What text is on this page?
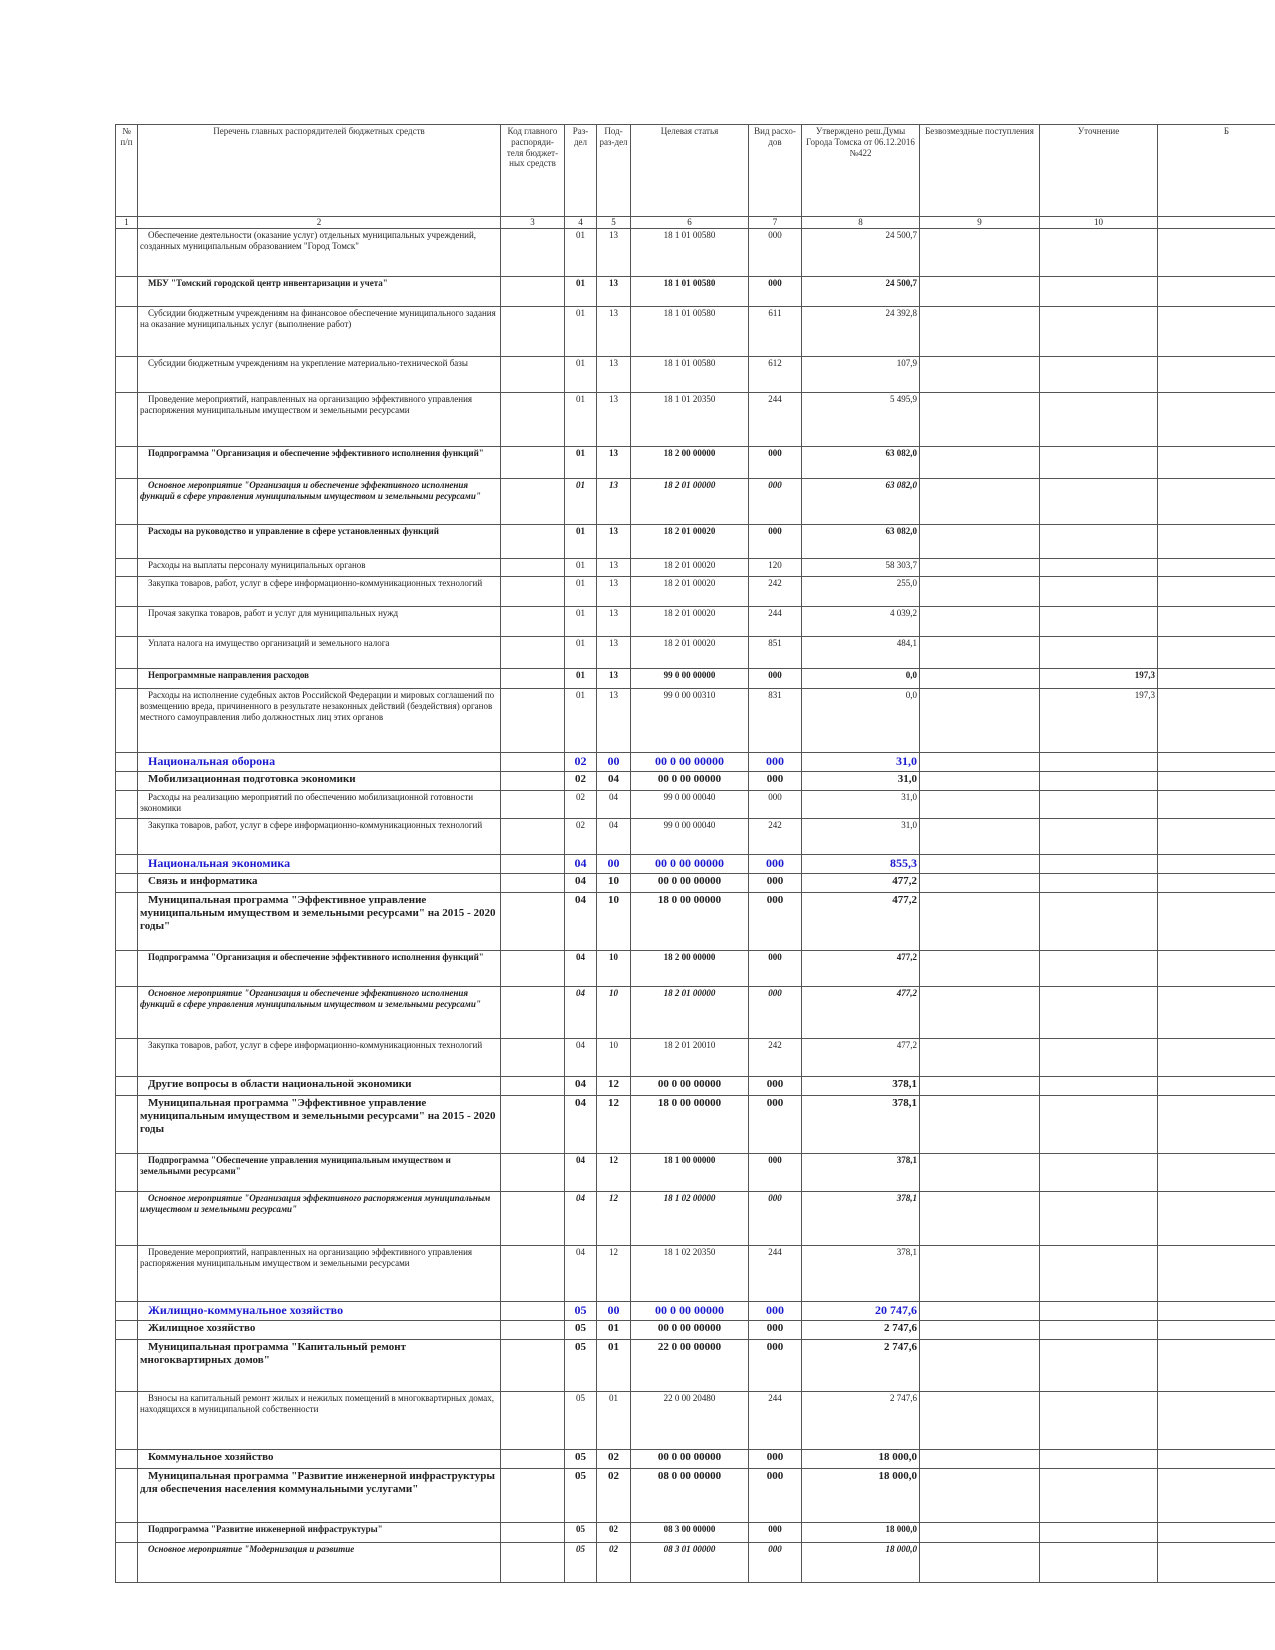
№ п/п	Перечень главных распорядителей бюджетных средств	Код главного распоряди-теля бюджет-ных средств	Раз-дел	Под-раз-дел	Целевая статья	Вид расхо-дов	Утверждено реш.Думы Города Томска от 06.12.2016 №422	Безвозмездные поступления	Уточнение	Б
1	2	3	4	5	6	7	8	9	10	
	Обеспечение деятельности (оказание услуг) отдельных муниципальных учреждений, созданных муниципальным образованием "Город Томск"		01	13	18 1 01 00580	000	24 500,7			
	МБУ "Томский городской центр инвентаризации и учета"		01	13	18 1 01 00580	000	24 500,7			
	Субсидии бюджетным учреждениям на финансовое обеспечение муниципального задания на оказание муниципальных услуг (выполнение работ)		01	13	18 1 01 00580	611	24 392,8			
	Субсидии бюджетным учреждениям на укрепление материально-технической базы		01	13	18 1 01 00580	612	107,9			
	Проведение мероприятий, направленных на организацию эффективного управления распоряжения муниципальным имуществом и земельными ресурсами		01	13	18 1 01 20350	244	5 495,9			
	Подпрограмма "Организация и обеспечение эффективного исполнения функций"		01	13	18 2 00 00000	000	63 082,0			
	Основное мероприятие "Организация и обеспечение эффективного исполнения функций в сфере управления муниципальным имуществом и земельными ресурсами"		01	13	18 2 01 00000	000	63 082,0			
	Расходы на руководство и управление в сфере установленных функций		01	13	18 2 01 00020	000	63 082,0			
	Расходы на выплаты персоналу муниципальных органов		01	13	18 2 01 00020	120	58 303,7			
	Закупка товаров, работ, услуг в сфере информационно-коммуникационных технологий		01	13	18 2 01 00020	242	255,0			
	Прочая закупка товаров, работ и услуг для муниципальных нужд		01	13	18 2 01 00020	244	4 039,2			
	Уплата налога на имущество организаций и земельного налога		01	13	18 2 01 00020	851	484,1			
	Непрограммные направления расходов		01	13	99 0 00 00000	000	0,0		197,3	
	Расходы на исполнение судебных актов Российской Федерации и мировых соглашений по возмещению вреда, причиненного в результате незаконных действий (бездействия) органов местного самоуправления либо должностных лиц этих органов		01	13	99 0 00 00310	831	0,0		197,3	
	Национальная оборона		02	00	00 0 00 00000	000	31,0			
	Мобилизационная подготовка экономики		02	04	00 0 00 00000	000	31,0			
	Расходы на реализацию мероприятий по обеспечению мобилизационной готовности экономики		02	04	99 0 00 00040	000	31,0			
	Закупка товаров, работ, услуг в сфере информационно-коммуникационных технологий		02	04	99 0 00 00040	242	31,0			
	Национальная экономика		04	00	00 0 00 00000	000	855,3			
	Связь и информатика		04	10	00 0 00 00000	000	477,2			
	Муниципальная программа "Эффективное управление муниципальным имуществом и земельными ресурсами" на 2015 - 2020 годы"		04	10	18 0 00 00000	000	477,2			
	Подпрограмма "Организация и обеспечение эффективного исполнения функций"		04	10	18 2 00 00000	000	477,2			
	Основное мероприятие "Организация и обеспечение эффективного исполнения функций в сфере управления муниципальным имуществом и земельными ресурсами"		04	10	18 2 01 00000	000	477,2			
	Закупка товаров, работ, услуг в сфере информационно-коммуникационных технологий		04	10	18 2 01 20010	242	477,2			
	Другие вопросы в области национальной экономики		04	12	00 0 00 00000	000	378,1			
	Муниципальная программа "Эффективное управление муниципальным имуществом и земельными ресурсами" на 2015 - 2020 годы		04	12	18 0 00 00000	000	378,1			
	Подпрограмма "Обеспечение управления муниципальным имуществом и земельными ресурсами"		04	12	18 1 00 00000	000	378,1			
	Основное мероприятие "Организация эффективного распоряжения муниципальным имуществом и земельными ресурсами"		04	12	18 1 02 00000	000	378,1			
	Проведение мероприятий, направленных на организацию эффективного управления распоряжения муниципальным имуществом и земельными ресурсами		04	12	18 1 02 20350	244	378,1			
	Жилищно-коммунальное хозяйство		05	00	00 0 00 00000	000	20 747,6			
	Жилищное хозяйство		05	01	00 0 00 00000	000	2 747,6			
	Муниципальная программа "Капитальный ремонт многоквартирных домов"		05	01	22 0 00 00000	000	2 747,6			
	Взносы на капитальный ремонт жилых и нежилых помещений в многоквартирных домах, находящихся в муниципальной собственности		05	01	22 0 00 20480	244	2 747,6			
	Коммунальное хозяйство		05	02	00 0 00 00000	000	18 000,0			
	Муниципальная программа "Развитие инженерной инфраструктуры для обеспечения населения коммунальными услугами"		05	02	08 0 00 00000	000	18 000,0			
	Подпрограмма "Развитие инженерной инфраструктуры"		05	02	08 3 00 00000	000	18 000,0			
	Основное мероприятие "Модернизация и развитие		05	02	08 3 01 00000	000	18 000,0			
